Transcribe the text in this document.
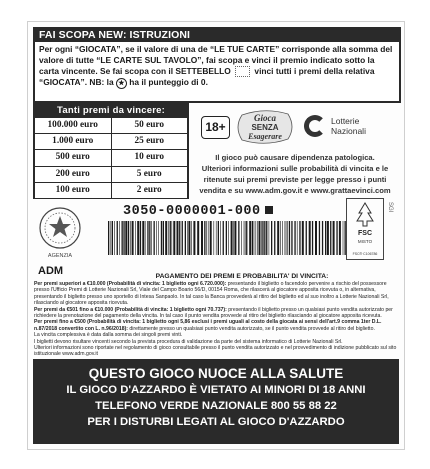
FAI SCOPA NEW: ISTRUZIONI
Per ogni “GIOCATA”, se il valore di una de “LE TUE CARTE” corrisponde alla somma del valore di tutte “LE CARTE SUL TAVOLO”, fai scopa e vinci il premio indicato sotto la carta vincente. Se fai scopa con il SETTEBELLO	vinci tutti i premi della relativa “GIOCATA”. NB: la ★ ha il punteggio di 0.
Tanti premi da vincere:
100.000 euro	50 euro
1.000 euro	25 euro
500 euro	10 euro
200 euro	5 euro
100 euro	2 euro
18+
Gioca
SENZA
Esagerare
Lotterie
Nazionali
Il gioco può causare dipendenza patologica.
Ulteriori informazioni sulle probabilità di vincita e le
ritenute sui premi previste per legge presso i punti
vendita e su www.adm.gov.it e www.grattaevinci.com
AGENZIA
ADM
3050-0000001-000
FSC
MISTO
FSC® C106786
SGI
PAGAMENTO DEI PREMI E PROBABILITA' DI VINCITA:

Per premi superiori a €10.000 (Probabilità di vincita: 1 biglietto ogni 6.720.000): presentando il biglietto o facendolo pervenire a rischio del possessore presso l'Ufficio Premi di Lotterie Nazionali Srl, Viale del Campo Boario 56/D, 00154 Roma, che rilascerà al giocatore apposita ricevuta o, in alternativa, presentando il biglietto presso uno sportello di Intesa Sanpaolo. In tal caso la Banca provvederà al ritiro del biglietto ed al suo inoltro a Lotterie Nazionali Srl, rilasciando al giocatore apposita ricevuta.

Per premi da €501 fino a €10.000 (Probabilità di vincita: 1 biglietto ogni 70.737): presentando il biglietto presso un qualsiasi punto vendita autorizzato per richiedere la prenotazione del pagamento della vincita. In tal caso il punto vendita provvede al ritiro del biglietto rilasciando al giocatore apposita ricevuta.

Per premi fino a €500 (Probabilità di vincita: 1 biglietto ogni 5,86 esclusi i premi uguali al costo della giocata ai sensi dell'art.9 comma 1ter D.L. n.87/2018 convertito con L. n.96/2018): direttamente presso un qualsiasi punto vendita autorizzato, se il punto vendita provvede al ritiro del biglietto.

La vincita complessiva è data dalla somma dei singoli premi vinti.

I biglietti devono risultare vincenti secondo la prevista procedura di validazione da parte del sistema informatico di Lotterie Nazionali Srl.

Ulteriori informazioni sono riportate nel regolamento di gioco consultabile presso il punto vendita autorizzato e nel provvedimento di indizione pubblicato sul sito istituzionale www.adm.gov.it

QUESTO GIOCO NUOCE ALLA SALUTE
IL GIOCO D'AZZARDO È VIETATO AI MINORI DI 18 ANNI
TELEFONO VERDE NAZIONALE 800 55 88 22
PER I DISTURBI LEGATI AL GIOCO D'AZZARDO
